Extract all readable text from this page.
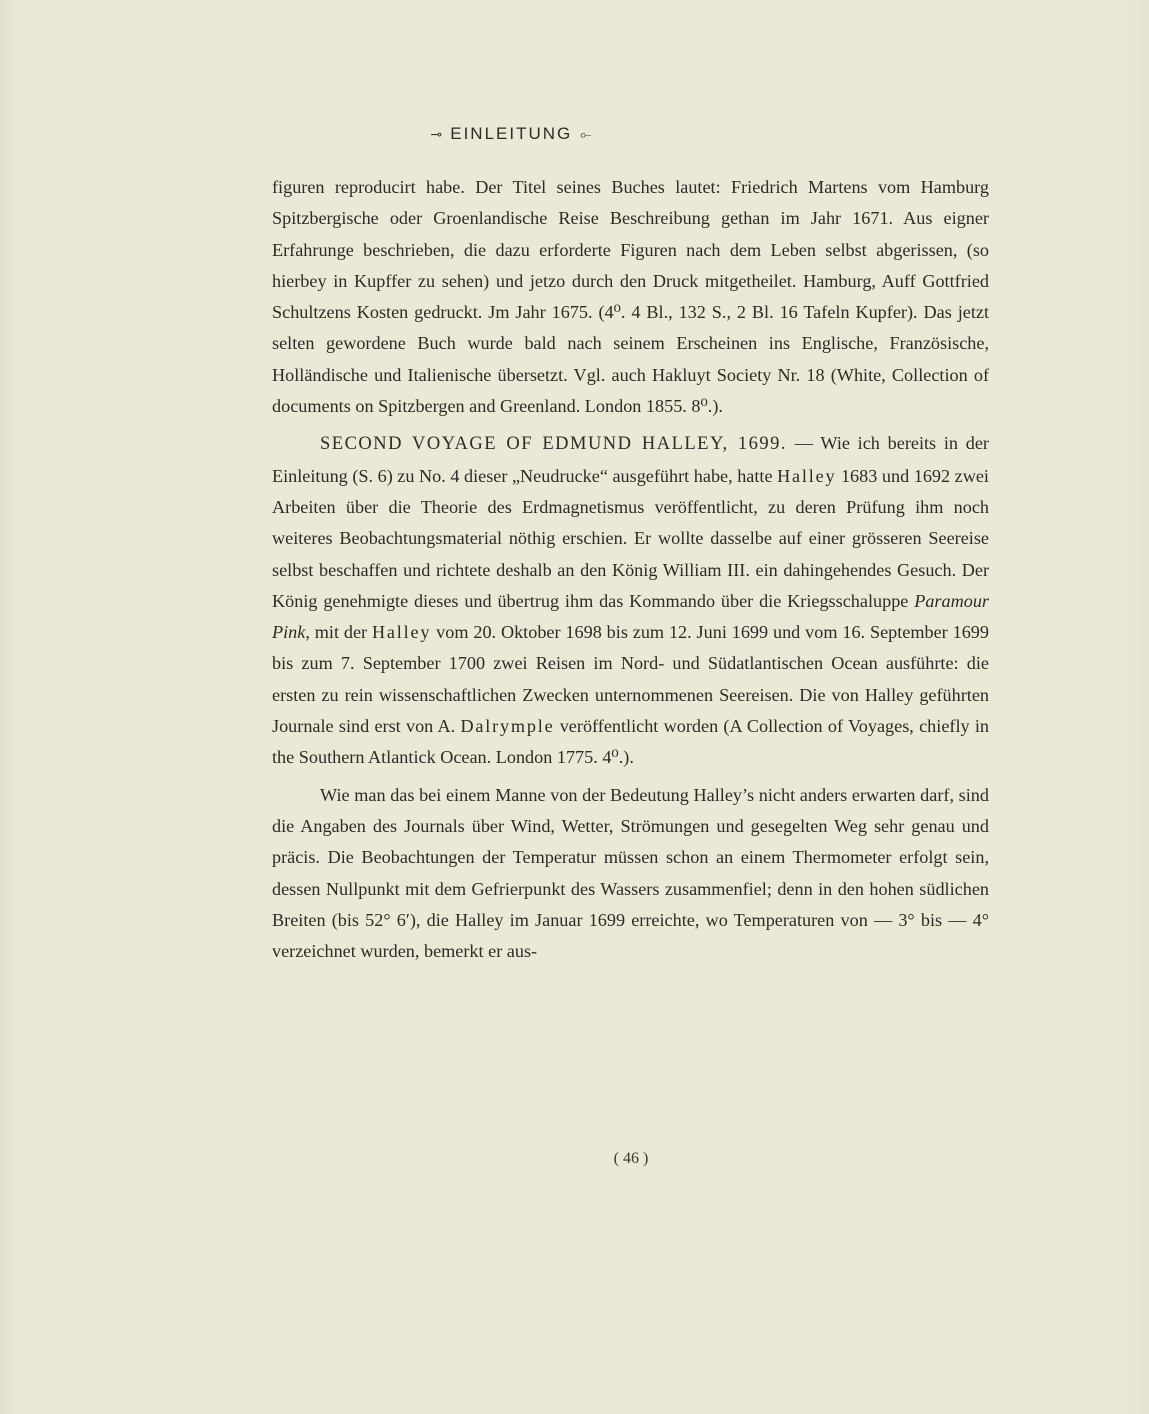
⊸ EINLEITUNG ⟜

figuren reproducirt habe. Der Titel seines Buches lautet: Friedrich Martens vom Hamburg Spitzbergische oder Groenlandische Reise Beschreibung gethan im Jahr 1671. Aus eigner Erfahrunge beschrieben, die dazu erforderte Figuren nach dem Leben selbst abgerissen, (so hierbey in Kupffer zu sehen) und jetzo durch den Druck mitgetheilet. Hamburg, Auff Gottfried Schultzens Kosten gedruckt. Jm Jahr 1675. (4⁰. 4 Bl., 132 S., 2 Bl. 16 Tafeln Kupfer). Das jetzt selten gewordene Buch wurde bald nach seinem Erscheinen ins Englische, Französische, Holländische und Italienische übersetzt. Vgl. auch Hakluyt Society Nr. 18 (White, Collection of documents on Spitzbergen and Greenland. London 1855. 8⁰.).

SECOND VOYAGE OF EDMUND HALLEY, 1699. — Wie ich bereits in der Einleitung (S. 6) zu No. 4 dieser „Neudrucke“ ausgeführt habe, hatte Halley 1683 und 1692 zwei Arbeiten über die Theorie des Erdmagnetismus veröffentlicht, zu deren Prüfung ihm noch weiteres Beobachtungsmaterial nöthig erschien. Er wollte dasselbe auf einer grösseren Seereise selbst beschaffen und richtete deshalb an den König William III. ein dahingehendes Gesuch. Der König genehmigte dieses und übertrug ihm das Kommando über die Kriegsschaluppe Paramour Pink, mit der Halley vom 20. Oktober 1698 bis zum 12. Juni 1699 und vom 16. September 1699 bis zum 7. September 1700 zwei Reisen im Nord- und Südatlantischen Ocean ausführte: die ersten zu rein wissenschaftlichen Zwecken unternommenen Seereisen. Die von Halley geführten Journale sind erst von A. Dalrymple veröffentlicht worden (A Collection of Voyages, chiefly in the Southern Atlantick Ocean. London 1775. 4⁰.).

Wie man das bei einem Manne von der Bedeutung Halley’s nicht anders erwarten darf, sind die Angaben des Journals über Wind, Wetter, Strömungen und gesegelten Weg sehr genau und präcis. Die Beobachtungen der Temperatur müssen schon an einem Thermometer erfolgt sein, dessen Nullpunkt mit dem Gefrierpunkt des Wassers zusammenfiel; denn in den hohen südlichen Breiten (bis 52° 6′), die Halley im Januar 1699 erreichte, wo Temperaturen von — 3° bis — 4° verzeichnet wurden, bemerkt er aus-

( 46 )
